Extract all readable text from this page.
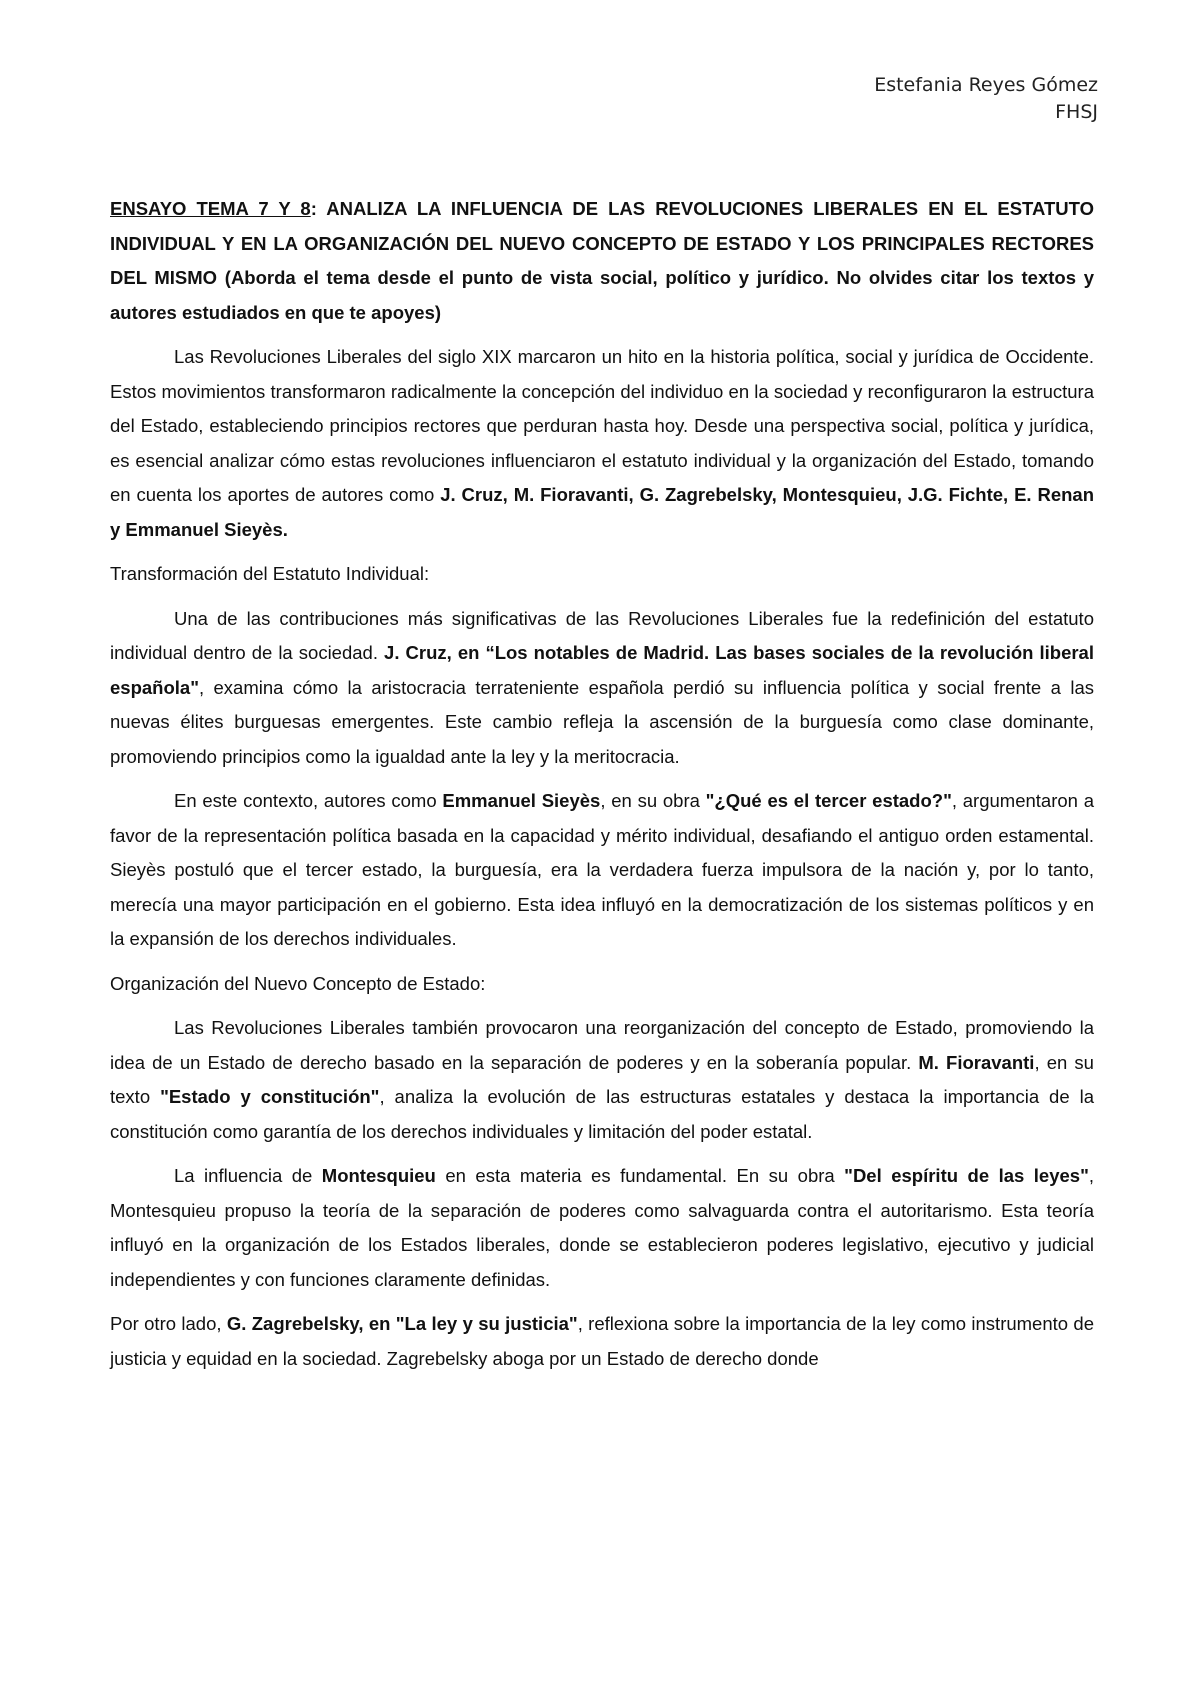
Estefania Reyes Gómez
FHSJ
ENSAYO TEMA 7 Y 8: ANALIZA LA INFLUENCIA DE LAS REVOLUCIONES LIBERALES EN EL ESTATUTO INDIVIDUAL Y EN LA ORGANIZACIÓN DEL NUEVO CONCEPTO DE ESTADO Y LOS PRINCIPALES RECTORES DEL MISMO (Aborda el tema desde el punto de vista social, político y jurídico. No olvides citar los textos y autores estudiados en que te apoyes)

Las Revoluciones Liberales del siglo XIX marcaron un hito en la historia política, social y jurídica de Occidente. Estos movimientos transformaron radicalmente la concepción del individuo en la sociedad y reconfiguraron la estructura del Estado, estableciendo principios rectores que perduran hasta hoy. Desde una perspectiva social, política y jurídica, es esencial analizar cómo estas revoluciones influenciaron el estatuto individual y la organización del Estado, tomando en cuenta los aportes de autores como J. Cruz, M. Fioravanti, G. Zagrebelsky, Montesquieu, J.G. Fichte, E. Renan y Emmanuel Sieyès.

Transformación del Estatuto Individual:

Una de las contribuciones más significativas de las Revoluciones Liberales fue la redefinición del estatuto individual dentro de la sociedad. J. Cruz, en “Los notables de Madrid. Las bases sociales de la revolución liberal española", examina cómo la aristocracia terrateniente española perdió su influencia política y social frente a las nuevas élites burguesas emergentes. Este cambio refleja la ascensión de la burguesía como clase dominante, promoviendo principios como la igualdad ante la ley y la meritocracia.

En este contexto, autores como Emmanuel Sieyès, en su obra "¿Qué es el tercer estado?", argumentaron a favor de la representación política basada en la capacidad y mérito individual, desafiando el antiguo orden estamental. Sieyès postuló que el tercer estado, la burguesía, era la verdadera fuerza impulsora de la nación y, por lo tanto, merecía una mayor participación en el gobierno. Esta idea influyó en la democratización de los sistemas políticos y en la expansión de los derechos individuales.

Organización del Nuevo Concepto de Estado:

Las Revoluciones Liberales también provocaron una reorganización del concepto de Estado, promoviendo la idea de un Estado de derecho basado en la separación de poderes y en la soberanía popular. M. Fioravanti, en su texto "Estado y constitución", analiza la evolución de las estructuras estatales y destaca la importancia de la constitución como garantía de los derechos individuales y limitación del poder estatal.

La influencia de Montesquieu en esta materia es fundamental. En su obra "Del espíritu de las leyes", Montesquieu propuso la teoría de la separación de poderes como salvaguarda contra el autoritarismo. Esta teoría influyó en la organización de los Estados liberales, donde se establecieron poderes legislativo, ejecutivo y judicial independientes y con funciones claramente definidas.

Por otro lado, G. Zagrebelsky, en "La ley y su justicia", reflexiona sobre la importancia de la ley como instrumento de justicia y equidad en la sociedad. Zagrebelsky aboga por un Estado de derecho donde
